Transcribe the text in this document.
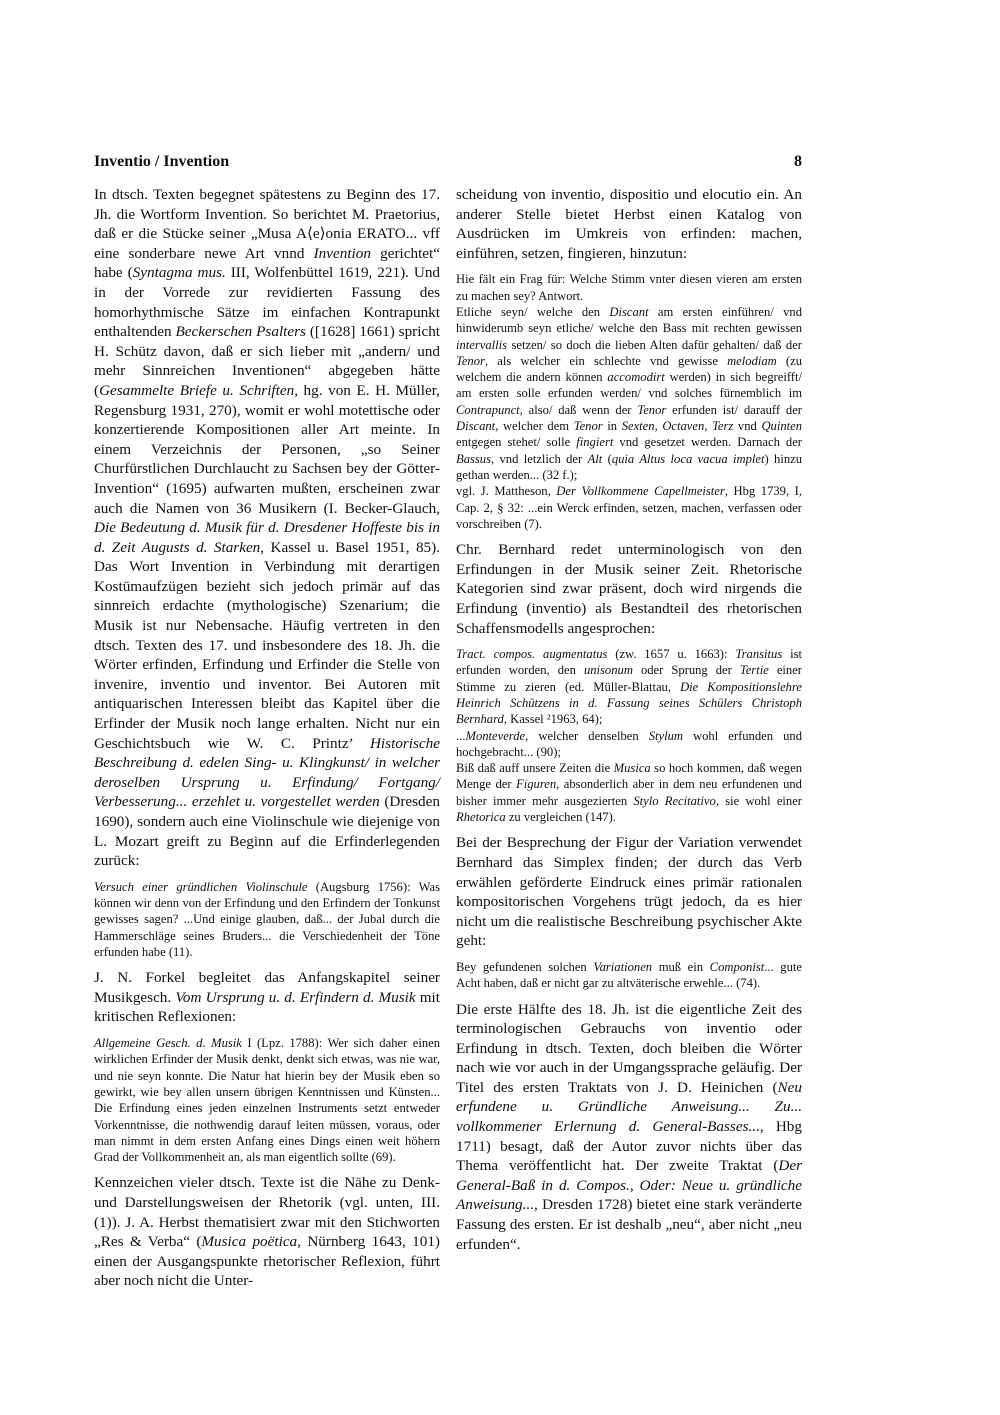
Inventio / Invention	8

In dtsch. Texten begegnet spätestens zu Beginn des 17. Jh. die Wortform Invention. So berichtet M. Praetorius, daß er die Stücke seiner „Musa A⟨e⟩onia ERATO... vff eine sonderbare newe Art vnnd Invention gerichtet“ habe (Syntagma mus. III, Wolfenbüttel 1619, 221). Und in der Vorrede zur revidierten Fassung des homorhythmische Sätze im einfachen Kontrapunkt enthaltenden Beckerschen Psalters ([1628] 1661) spricht H. Schütz davon, daß er sich lieber mit „andern/ und mehr Sinnreichen Inventionen“ abgegeben hätte (Gesammelte Briefe u. Schriften, hg. von E. H. Müller, Regensburg 1931, 270), womit er wohl motettische oder konzertierende Kompositionen aller Art meinte. In einem Verzeichnis der Personen, „so Seiner Churfürstlichen Durchlaucht zu Sachsen bey der Götter-Invention“ (1695) aufwarten mußten, erscheinen zwar auch die Namen von 36 Musikern (I. Becker-Glauch, Die Bedeutung d. Musik für d. Dresdener Hoffeste bis in d. Zeit Augusts d. Starken, Kassel u. Basel 1951, 85). Das Wort Invention in Verbindung mit derartigen Kostümaufzügen bezieht sich jedoch primär auf das sinnreich erdachte (mythologische) Szenarium; die Musik ist nur Nebensache. Häufig vertreten in den dtsch. Texten des 17. und insbesondere des 18. Jh. die Wörter erfinden, Erfindung und Erfinder die Stelle von invenire, inventio und inventor. Bei Autoren mit antiquarischen Interessen bleibt das Kapitel über die Erfinder der Musik noch lange erhalten. Nicht nur ein Geschichtsbuch wie W. C. Printz’ Historische Beschreibung d. edelen Sing- u. Klingkunst/ in welcher deroselben Ursprung u. Erfindung/ Fortgang/ Verbesserung... erzehlet u. vorgestellet werden (Dresden 1690), sondern auch eine Violinschule wie diejenige von L. Mozart greift zu Beginn auf die Erfinderlegenden zurück:

Versuch einer gründlichen Violinschule (Augsburg 1756): Was können wir denn von der Erfindung und den Erfindern der Tonkunst gewisses sagen? ...Und einige glauben, daß... der Jubal durch die Hammerschläge seines Bruders... die Verschiedenheit der Töne erfunden habe (11).

J. N. Forkel begleitet das Anfangskapitel seiner Musikgesch. Vom Ursprung u. d. Erfindern d. Musik mit kritischen Reflexionen:

Allgemeine Gesch. d. Musik I (Lpz. 1788): Wer sich daher einen wirklichen Erfinder der Musik denkt, denkt sich etwas, was nie war, und nie seyn konnte. Die Natur hat hierin bey der Musik eben so gewirkt, wie bey allen unsern übrigen Kenntnissen und Künsten... Die Erfindung eines jeden einzelnen Instruments setzt entweder Vorkenntnisse, die nothwendig darauf leiten müssen, voraus, oder man nimmt in dem ersten Anfang eines Dings einen weit höhern Grad der Vollkommenheit an, als man eigentlich sollte (69).

Kennzeichen vieler dtsch. Texte ist die Nähe zu Denk- und Darstellungsweisen der Rhetorik (vgl. unten, III. (1)). J. A. Herbst thematisiert zwar mit den Stichworten „Res & Verba“ (Musica poëtica, Nürnberg 1643, 101) einen der Ausgangspunkte rhetorischer Reflexion, führt aber noch nicht die Unter-

scheidung von inventio, dispositio und elocutio ein. An anderer Stelle bietet Herbst einen Katalog von Ausdrücken im Umkreis von erfinden: machen, einführen, setzen, fingieren, hinzutun:

Hie fält ein Frag für: Welche Stimm vnter diesen vieren am ersten zu machen sey? Antwort.
Etliche seyn/ welche den Discant am ersten einführen/ vnd hinwiderumb seyn etliche/ welche den Bass mit rechten gewissen intervallis setzen/ so doch die lieben Alten dafür gehalten/ daß der Tenor, als welcher ein schlechte vnd gewisse melodiam (zu welchem die andern können accomodirt werden) in sich begreifft/ am ersten solle erfunden werden/ vnd solches fürnemblich im Contrapunct, also/ daß wenn der Tenor erfunden ist/ darauff der Discant, welcher dem Tenor in Sexten, Octaven, Terz vnd Quinten entgegen stehet/ solle fingiert vnd gesetzet werden. Darnach der Bassus, vnd letzlich der Alt (quia Altus loca vacua implet) hinzu gethan werden... (32 f.);
vgl. J. Mattheson, Der Vollkommene Capellmeister, Hbg 1739, I, Cap. 2, § 32: ...ein Werck erfinden, setzen, machen, verfassen oder vorschreiben (7).

Chr. Bernhard redet unterminologisch von den Erfindungen in der Musik seiner Zeit. Rhetorische Kategorien sind zwar präsent, doch wird nirgends die Erfindung (inventio) als Bestandteil des rhetorischen Schaffensmodells angesprochen:

Tract. compos. augmentatus (zw. 1657 u. 1663): Transitus ist erfunden worden, den unisonum oder Sprung der Tertie einer Stimme zu zieren (ed. Müller-Blattau, Die Kompositionslehre Heinrich Schützens in d. Fassung seines Schülers Christoph Bernhard, Kassel ²1963, 64);
...Monteverde, welcher denselben Stylum wohl erfunden und hochgebracht... (90);
Biß daß auff unsere Zeiten die Musica so hoch kommen, daß wegen Menge der Figuren, absonderlich aber in dem neu erfundenen und bisher immer mehr ausgezierten Stylo Recitativo, sie wohl einer Rhetorica zu vergleichen (147).

Bei der Besprechung der Figur der Variation verwendet Bernhard das Simplex finden; der durch das Verb erwählen geförderte Eindruck eines primär rationalen kompositorischen Vorgehens trügt jedoch, da es hier nicht um die realistische Beschreibung psychischer Akte geht:

Bey gefundenen solchen Variationen muß ein Componist... gute Acht haben, daß er nicht gar zu altväterische erwehle... (74).

Die erste Hälfte des 18. Jh. ist die eigentliche Zeit des terminologischen Gebrauchs von inventio oder Erfindung in dtsch. Texten, doch bleiben die Wörter nach wie vor auch in der Umgangssprache geläufig. Der Titel des ersten Traktats von J. D. Heinichen (Neu erfundene u. Gründliche Anweisung... Zu... vollkommener Erlernung d. General-Basses..., Hbg 1711) besagt, daß der Autor zuvor nichts über das Thema veröffentlicht hat. Der zweite Traktat (Der General-Baß in d. Compos., Oder: Neue u. gründliche Anweisung..., Dresden 1728) bietet eine stark veränderte Fassung des ersten. Er ist deshalb „neu“, aber nicht „neu erfunden“.
